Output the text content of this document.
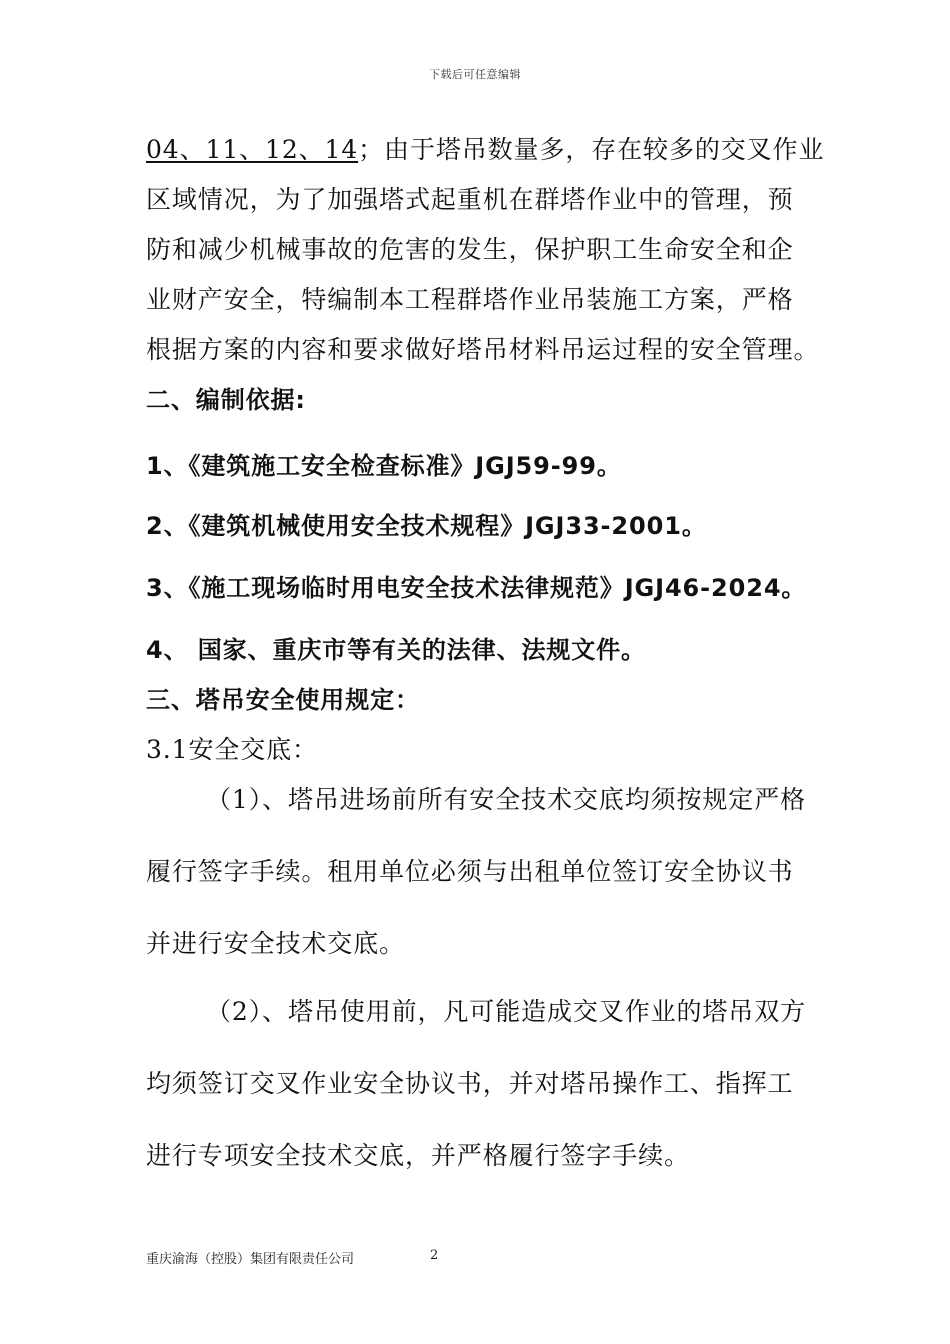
下载后可任意编辑
04、11、12、14；由于塔吊数量多，存在较多的交叉作业
区域情况，为了加强塔式起重机在群塔作业中的管理，预
防和减少机械事故的危害的发生，保护职工生命安全和企
业财产安全，特编制本工程群塔作业吊装施工方案，严格
根据方案的内容和要求做好塔吊材料吊运过程的安全管理。
二、编制依据:
1、《建筑施工安全检查标准》JGJ59-99。
2、《建筑机械使用安全技术规程》JGJ33-2001。
3、《施工现场临时用电安全技术法律规范》JGJ46-2024。
4、 国家、重庆市等有关的法律、法规文件。
三、塔吊安全使用规定：
3.1安全交底：
（1）、塔吊进场前所有安全技术交底均须按规定严格
履行签字手续。租用单位必须与出租单位签订安全协议书
并进行安全技术交底。
（2）、塔吊使用前，凡可能造成交叉作业的塔吊双方
均须签订交叉作业安全协议书，并对塔吊操作工、指挥工
进行专项安全技术交底，并严格履行签字手续。
重庆渝海（控股）集团有限责任公司	2
